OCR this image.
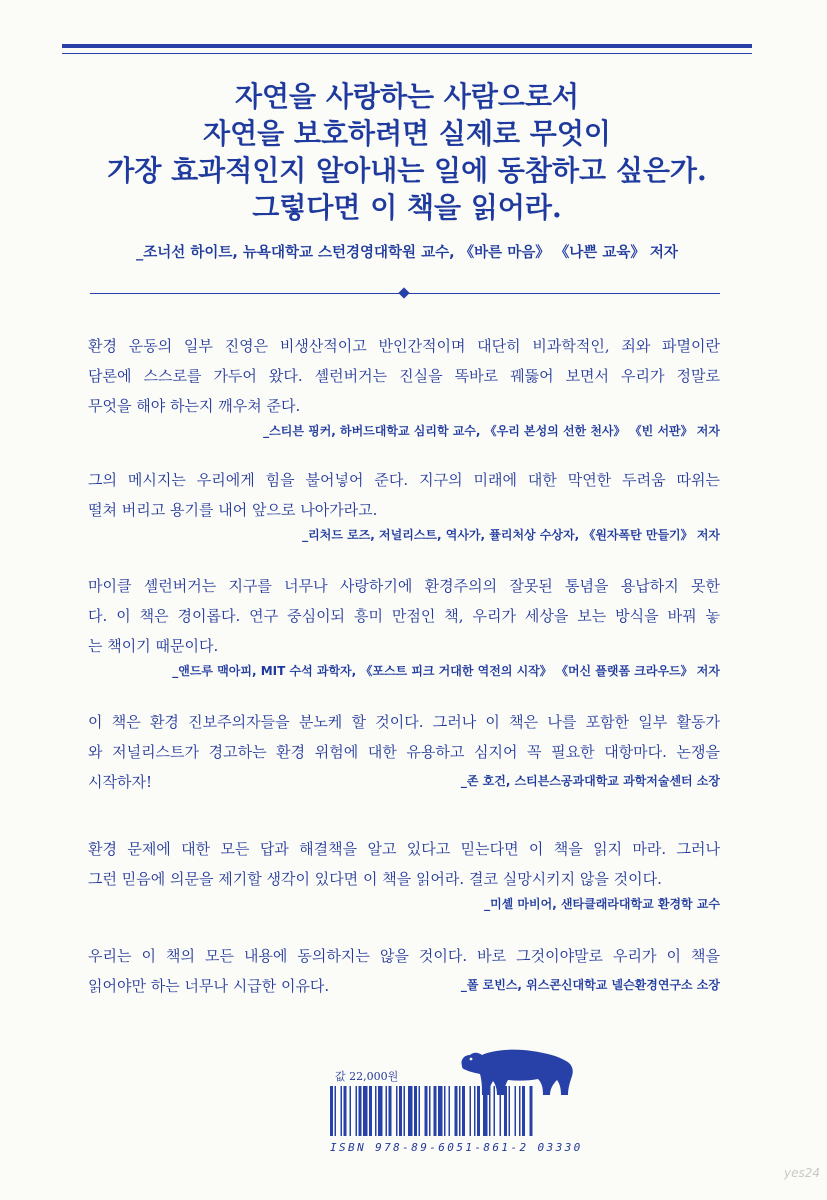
자연을 사랑하는 사람으로서
자연을 보호하려면 실제로 무엇이
가장 효과적인지 알아내는 일에 동참하고 싶은가.
그렇다면 이 책을 읽어라.
_조너선 하이트, 뉴욕대학교 스턴경영대학원 교수, 《바른 마음》 《나쁜 교육》 저자
환경 운동의 일부 진영은 비생산적이고 반인간적이며 대단히 비과학적인, 죄와 파멸이란
담론에 스스로를 가두어 왔다. 셸런버거는 진실을 똑바로 꿰뚫어 보면서 우리가 정말로
무엇을 해야 하는지 깨우쳐 준다.
_스티븐 핑커, 하버드대학교 심리학 교수, 《우리 본성의 선한 천사》 《빈 서판》 저자
그의 메시지는 우리에게 힘을 불어넣어 준다. 지구의 미래에 대한 막연한 두려움 따위는
떨쳐 버리고 용기를 내어 앞으로 나아가라고.
_리처드 로즈, 저널리스트, 역사가, 퓰리처상 수상자, 《원자폭탄 만들기》 저자
마이클 셸런버거는 지구를 너무나 사랑하기에 환경주의의 잘못된 통념을 용납하지 못한
다. 이 책은 경이롭다. 연구 중심이되 흥미 만점인 책, 우리가 세상을 보는 방식을 바꿔 놓
는 책이기 때문이다.
_앤드루 맥아피, MIT 수석 과학자, 《포스트 피크 거대한 역전의 시작》 《머신 플랫폼 크라우드》 저자
이 책은 환경 진보주의자들을 분노케 할 것이다. 그러나 이 책은 나를 포함한 일부 활동가
와 저널리스트가 경고하는 환경 위험에 대한 유용하고 심지어 꼭 필요한 대항마다. 논쟁을
시작하자!	_존 호건, 스티븐스공과대학교 과학저술센터 소장
환경 문제에 대한 모든 답과 해결책을 알고 있다고 믿는다면 이 책을 읽지 마라. 그러나
그런 믿음에 의문을 제기할 생각이 있다면 이 책을 읽어라. 결코 실망시키지 않을 것이다.
_미셸 마비어, 샌타클래라대학교 환경학 교수
우리는 이 책의 모든 내용에 동의하지는 않을 것이다. 바로 그것이야말로 우리가 이 책을
읽어야만 하는 너무나 시급한 이유다.	_폴 로빈스, 위스콘신대학교 넬슨환경연구소 소장
값 22,000원
ISBN 978-89-6051-861-2 03330
yes24
